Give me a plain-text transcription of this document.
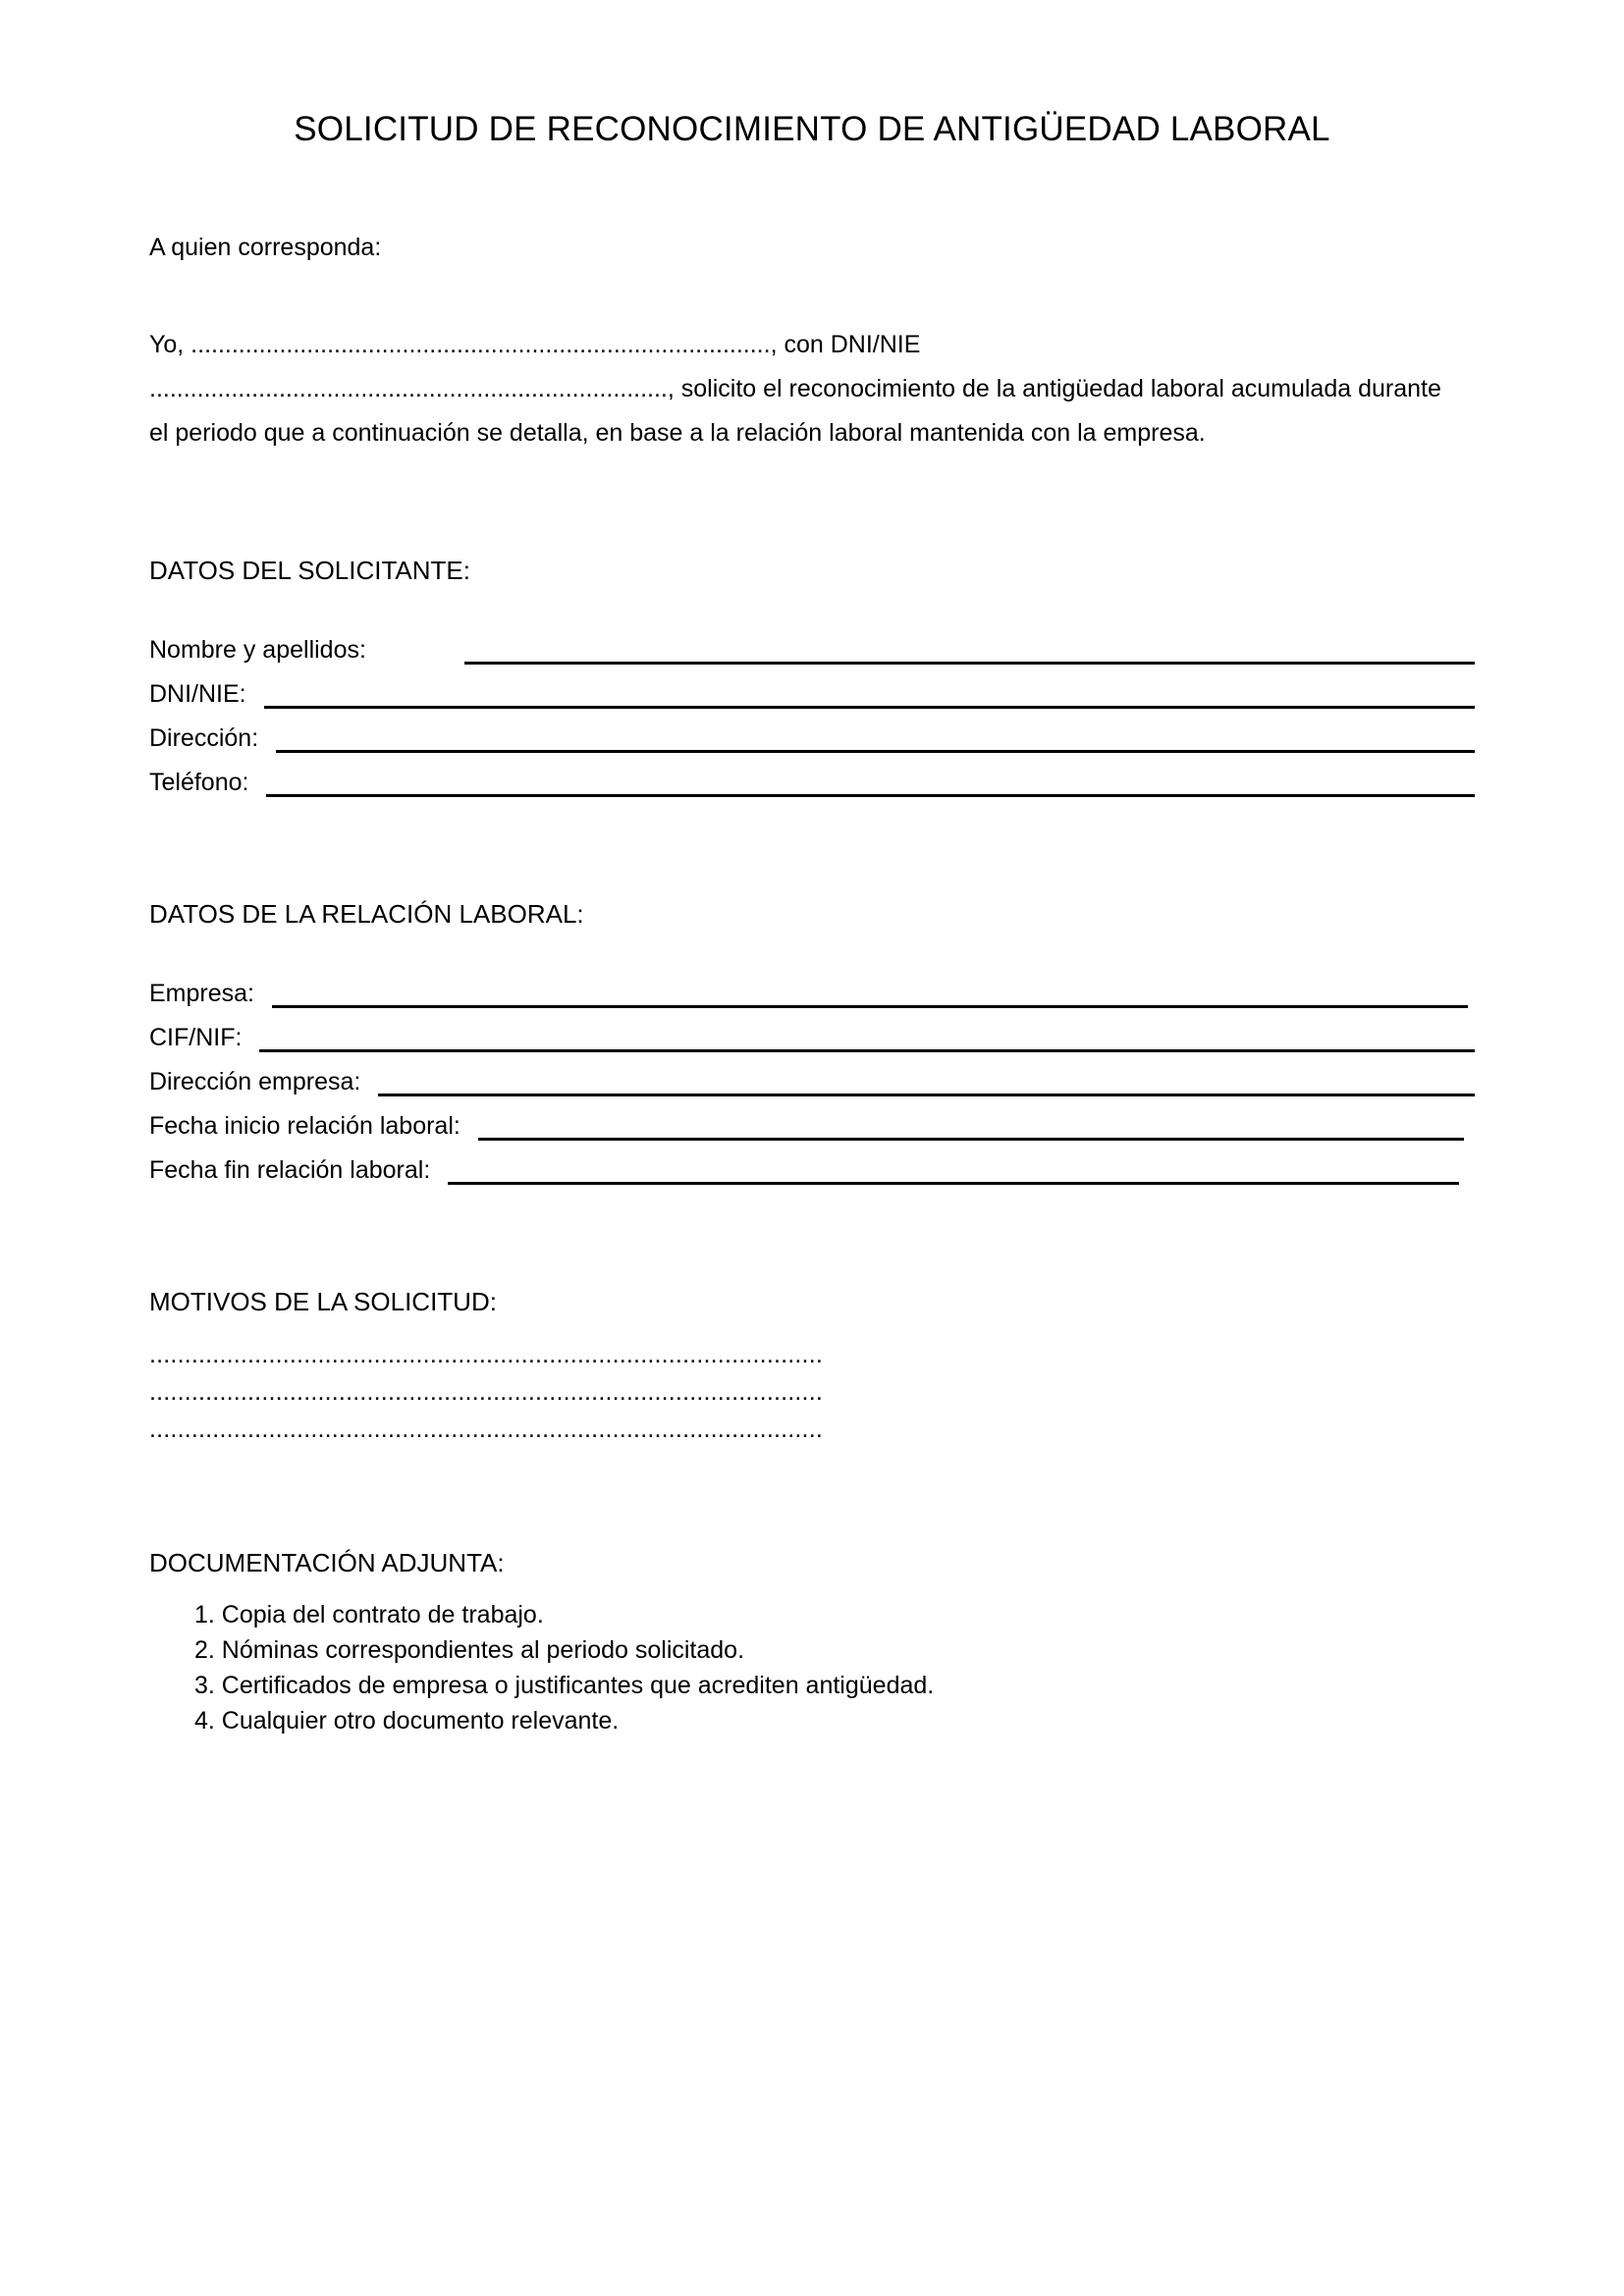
SOLICITUD DE RECONOCIMIENTO DE ANTIGÜEDAD LABORAL

A quien corresponda:

Yo, ....................................................................................., con DNI/NIE ............................................................................, solicito el reconocimiento de la antigüedad laboral acumulada durante el periodo que a continuación se detalla, en base a la relación laboral mantenida con la empresa.

DATOS DEL SOLICITANTE:

Nombre y apellidos:
DNI/NIE:
Dirección:
Teléfono:

DATOS DE LA RELACIÓN LABORAL:

Empresa:
CIF/NIF:
Dirección empresa:
Fecha inicio relación laboral:
Fecha fin relación laboral:

MOTIVOS DE LA SOLICITUD:

................................................................................................
................................................................................................
................................................................................................

DOCUMENTACIÓN ADJUNTA:

1. Copia del contrato de trabajo.
2. Nóminas correspondientes al periodo solicitado.
3. Certificados de empresa o justificantes que acrediten antigüedad.
4. Cualquier otro documento relevante.
